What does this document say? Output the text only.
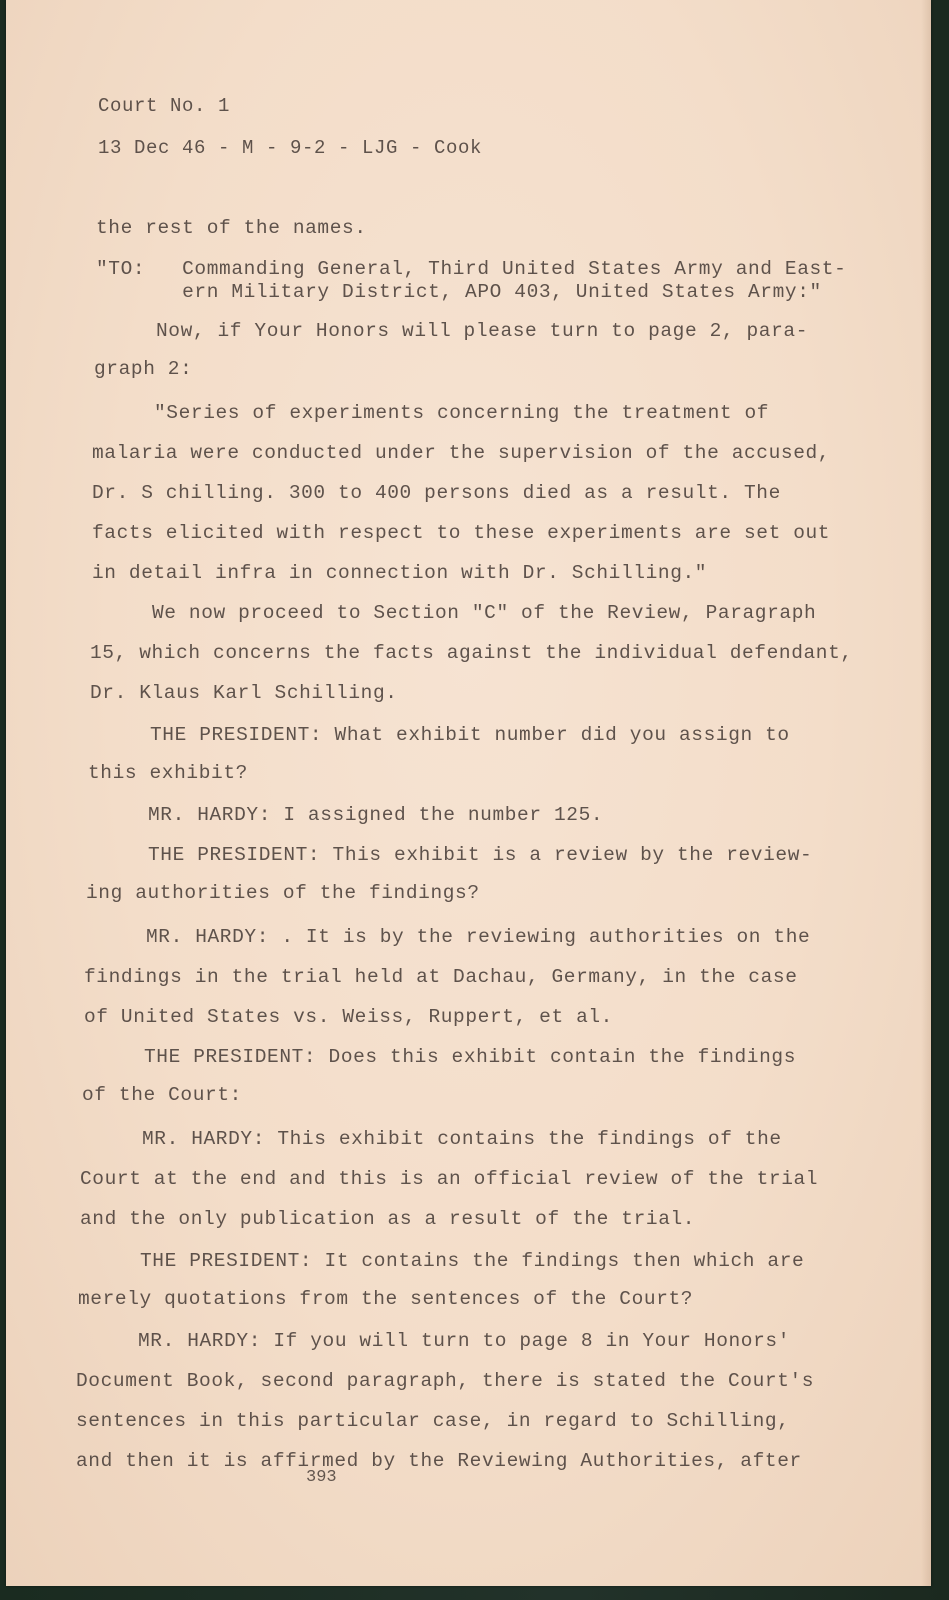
Court No. 1
13 Dec 46 - M - 9-2 - LJG - Cook
the rest of the names.
"TO:   Commanding General, Third United States Army and East-
ern Military District, APO 403, United States Army:"
Now, if Your Honors will please turn to page 2, para-
graph 2:
"Series of experiments concerning the treatment of
malaria were conducted under the supervision of the accused,
Dr. S chilling. 300 to 400 persons died as a result. The
facts elicited with respect to these experiments are set out
in detail infra in connection with Dr. Schilling."
We now proceed to Section "C" of the Review, Paragraph
15, which concerns the facts against the individual defendant,
Dr. Klaus Karl Schilling.
THE PRESIDENT: What exhibit number did you assign to
this exhibit?
MR. HARDY: I assigned the number 125.
THE PRESIDENT: This exhibit is a review by the review-
ing authorities of the findings?
MR. HARDY: . It is by the reviewing authorities on the
findings in the trial held at Dachau, Germany, in the case
of United States vs. Weiss, Ruppert, et al.
THE PRESIDENT: Does this exhibit contain the findings
of the Court:
MR. HARDY: This exhibit contains the findings of the
Court at the end and this is an official review of the trial
and the only publication as a result of the trial.
THE PRESIDENT: It contains the findings then which are
merely quotations from the sentences of the Court?
MR. HARDY: If you will turn to page 8 in Your Honors'
Document Book, second paragraph, there is stated the Court's
sentences in this particular case, in regard to Schilling,
and then it is affirmed by the Reviewing Authorities, after
393
